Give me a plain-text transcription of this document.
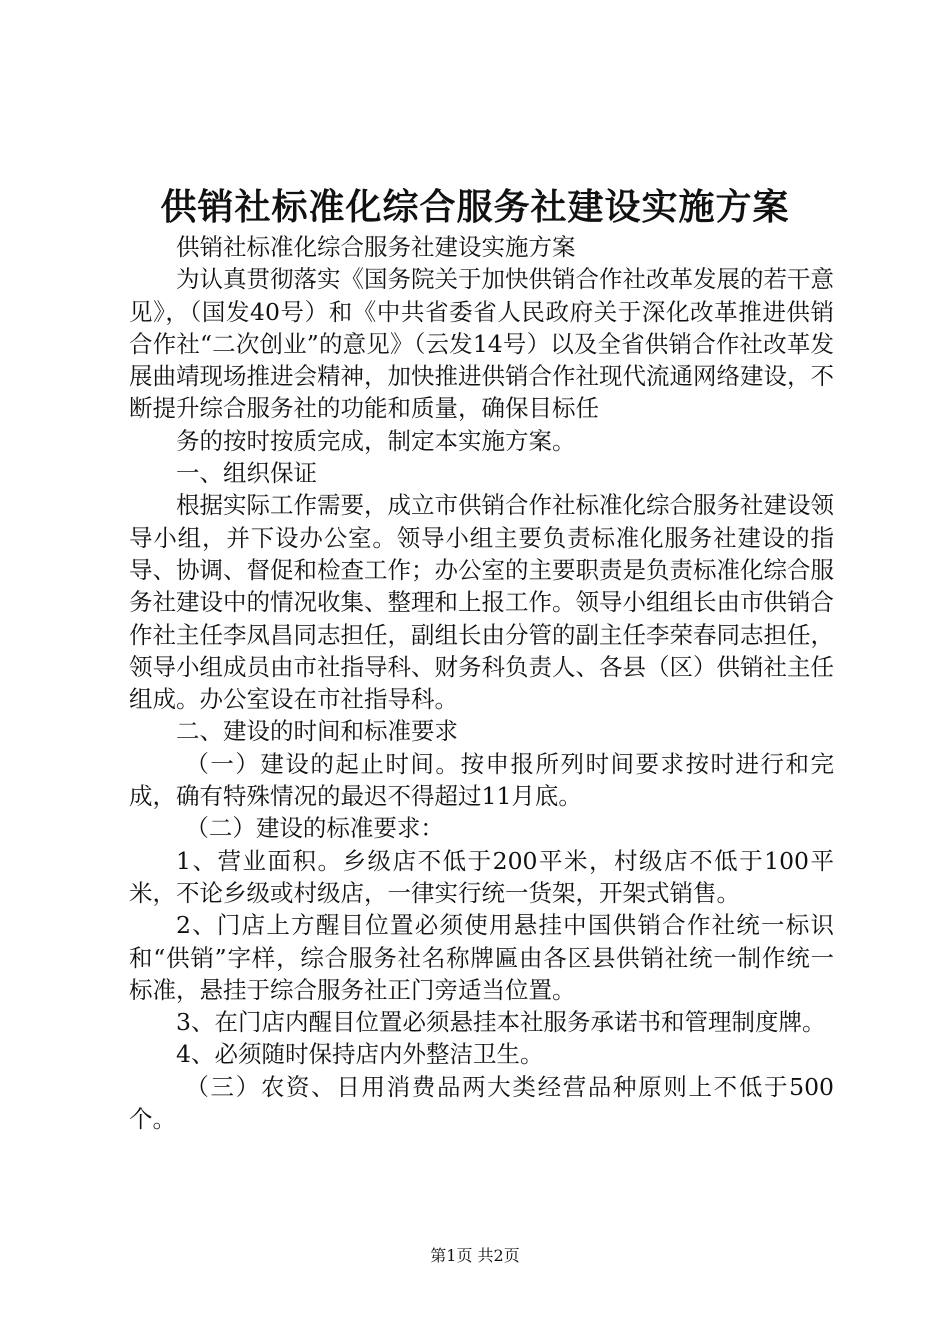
供销社标准化综合服务社建设实施方案

供销社标准化综合服务社建设实施方案

为认真贯彻落实《国务院关于加快供销合作社改革发展的若干意见》，（国发40号）和《中共省委省人民政府关于深化改革推进供销合作社“二次创业”的意见》（云发14号）以及全省供销合作社改革发展曲靖现场推进会精神，加快推进供销合作社现代流通网络建设，不断提升综合服务社的功能和质量，确保目标任

务的按时按质完成，制定本实施方案。

一、组织保证

根据实际工作需要，成立市供销合作社标准化综合服务社建设领导小组，并下设办公室。领导小组主要负责标准化服务社建设的指导、协调、督促和检查工作；办公室的主要职责是负责标准化综合服务社建设中的情况收集、整理和上报工作。领导小组组长由市供销合作社主任李凤昌同志担任，副组长由分管的副主任李荣春同志担任，领导小组成员由市社指导科、财务科负责人、各县（区）供销社主任组成。办公室设在市社指导科。

二、建设的时间和标准要求

（一）建设的起止时间。按申报所列时间要求按时进行和完成，确有特殊情况的最迟不得超过11月底。

（二）建设的标准要求：

1、营业面积。乡级店不低于200平米，村级店不低于100平米，不论乡级或村级店，一律实行统一货架，开架式销售。

2、门店上方醒目位置必须使用悬挂中国供销合作社统一标识和“供销”字样，综合服务社名称牌匾由各区县供销社统一制作统一标准，悬挂于综合服务社正门旁适当位置。

3、在门店内醒目位置必须悬挂本社服务承诺书和管理制度牌。

4、必须随时保持店内外整洁卫生。

（三）农资、日用消费品两大类经营品种原则上不低于500个。

第1页 共2页
